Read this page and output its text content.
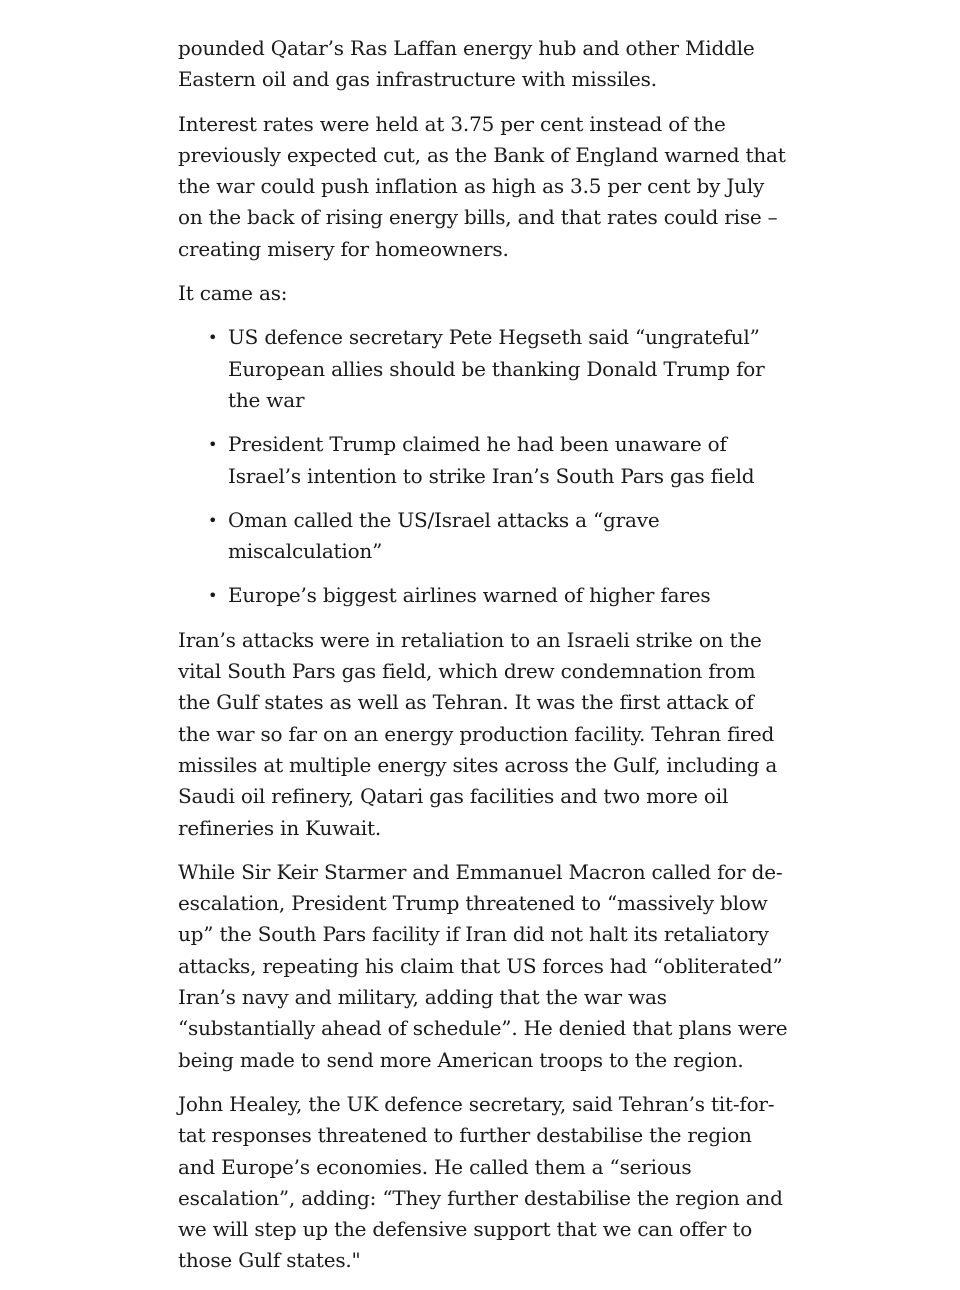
pounded Qatar’s Ras Laffan energy hub and other Middle Eastern oil and gas infrastructure with missiles.

Interest rates were held at 3.75 per cent instead of the previously expected cut, as the Bank of England warned that the war could push inflation as high as 3.5 per cent by July on the back of rising energy bills, and that rates could rise – creating misery for homeowners.

It came as:

• US defence secretary Pete Hegseth said “ungrateful” European allies should be thanking Donald Trump for the war
• President Trump claimed he had been unaware of Israel’s intention to strike Iran’s South Pars gas field
• Oman called the US/Israel attacks a “grave miscalculation”
• Europe’s biggest airlines warned of higher fares

Iran’s attacks were in retaliation to an Israeli strike on the vital South Pars gas field, which drew condemnation from the Gulf states as well as Tehran. It was the first attack of the war so far on an energy production facility. Tehran fired missiles at multiple energy sites across the Gulf, including a Saudi oil refinery, Qatari gas facilities and two more oil refineries in Kuwait.

While Sir Keir Starmer and Emmanuel Macron called for de-escalation, President Trump threatened to “massively blow up” the South Pars facility if Iran did not halt its retaliatory attacks, repeating his claim that US forces had “obliterated” Iran’s navy and military, adding that the war was “substantially ahead of schedule”. He denied that plans were being made to send more American troops to the region.

John Healey, the UK defence secretary, said Tehran’s tit-for-tat responses threatened to further destabilise the region and Europe’s economies. He called them a “serious escalation”, adding: “They further destabilise the region and we will step up the defensive support that we can offer to those Gulf states."
